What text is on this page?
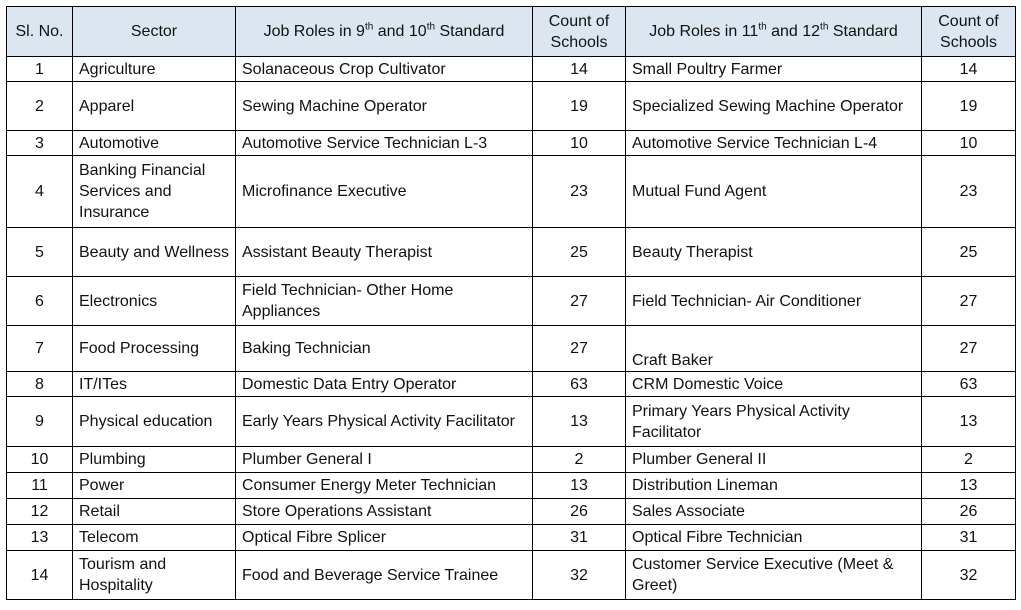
Sl. No.	Sector	Job Roles in 9th and 10th Standard	Count of Schools	Job Roles in 11th and 12th Standard	Count of Schools
1	Agriculture	Solanaceous Crop Cultivator	14	Small Poultry Farmer	14
2	Apparel	Sewing Machine Operator	19	Specialized Sewing Machine Operator	19
3	Automotive	Automotive Service Technician L-3	10	Automotive Service Technician L-4	10
4	Banking Financial Services and Insurance	Microfinance Executive	23	Mutual Fund Agent	23
5	Beauty and Wellness	Assistant Beauty Therapist	25	Beauty Therapist	25
6	Electronics	Field Technician- Other Home Appliances	27	Field Technician- Air Conditioner	27
7	Food Processing	Baking Technician	27	Craft Baker	27
8	IT/ITes	Domestic Data Entry Operator	63	CRM Domestic Voice	63
9	Physical education	Early Years Physical Activity Facilitator	13	Primary Years Physical Activity Facilitator	13
10	Plumbing	Plumber General I	2	Plumber General II	2
11	Power	Consumer Energy Meter Technician	13	Distribution Lineman	13
12	Retail	Store Operations Assistant	26	Sales Associate	26
13	Telecom	Optical Fibre Splicer	31	Optical Fibre Technician	31
14	Tourism and Hospitality	Food and Beverage Service Trainee	32	Customer Service Executive (Meet & Greet)	32
